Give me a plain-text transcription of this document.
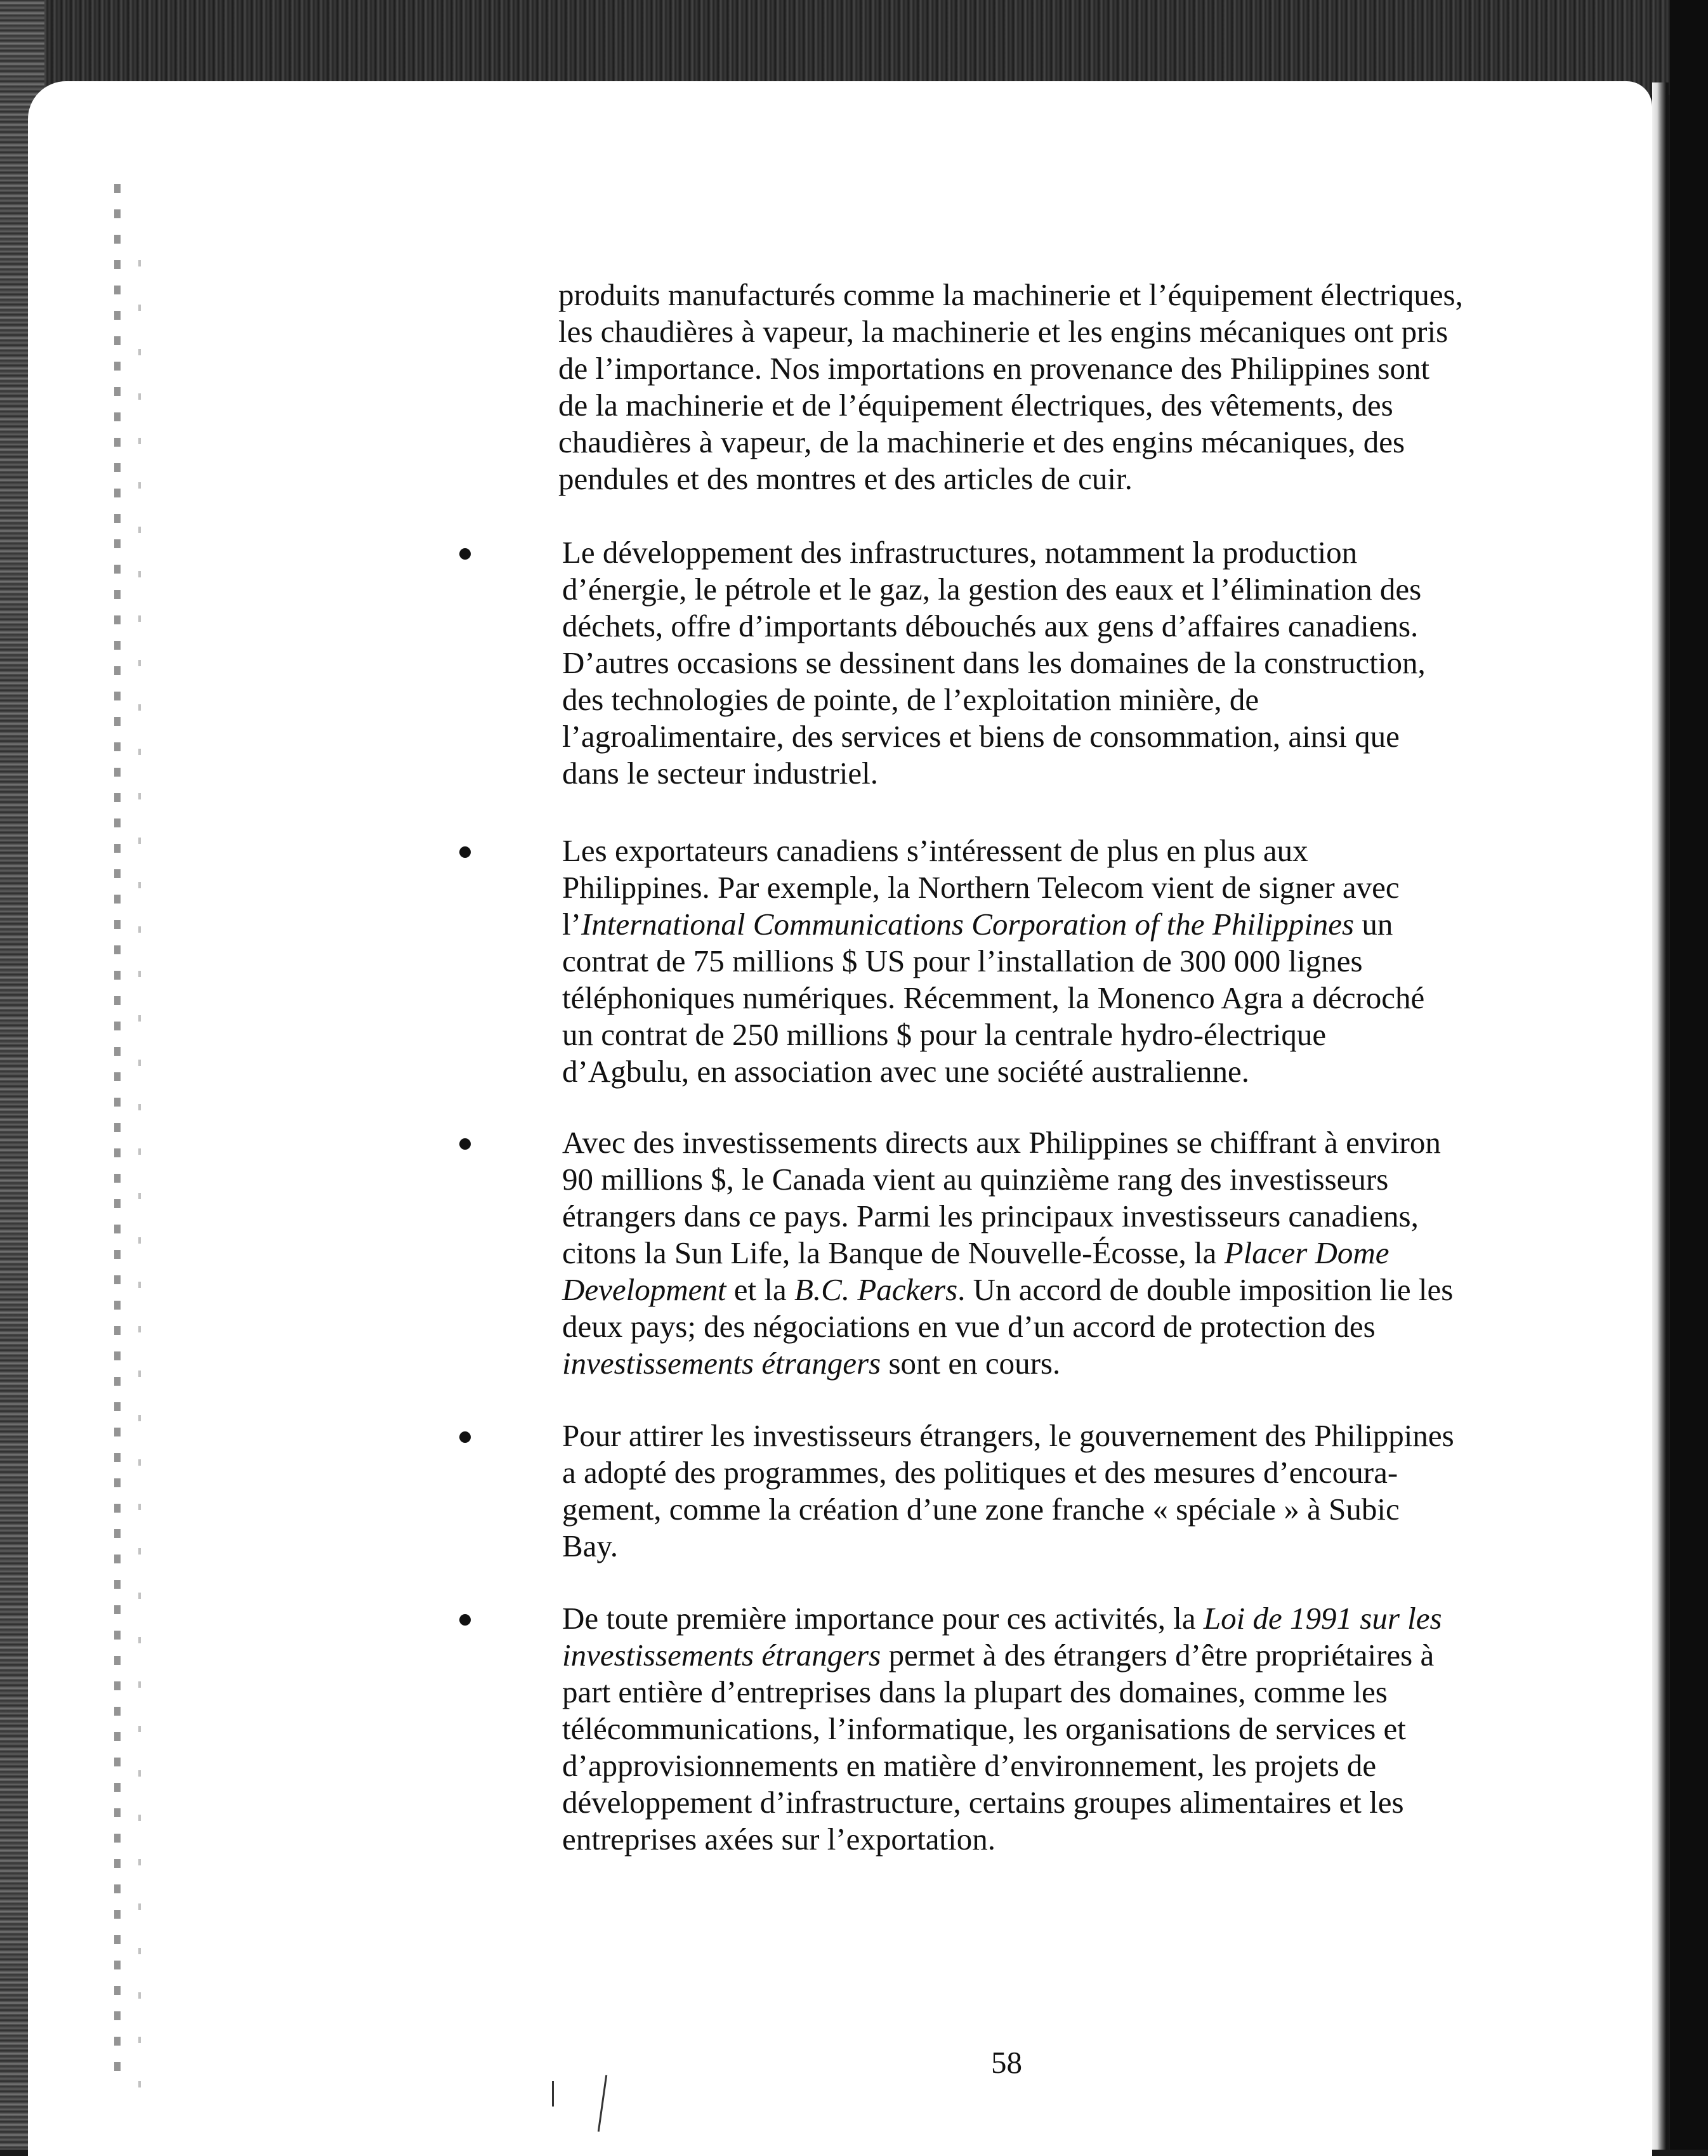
produits manufacturés comme la machinerie et l’équipement électriques,
les chaudières à vapeur, la machinerie et les engins mécaniques ont pris
de l’importance. Nos importations en provenance des Philippines sont
de la machinerie et de l’équipement électriques, des vêtements, des
chaudières à vapeur, de la machinerie et des engins mécaniques, des
pendules et des montres et des articles de cuir.

Le développement des infrastructures, notamment la production
d’énergie, le pétrole et le gaz, la gestion des eaux et l’élimination des
déchets, offre d’importants débouchés aux gens d’affaires canadiens.
D’autres occasions se dessinent dans les domaines de la construction,
des technologies de pointe, de l’exploitation minière, de
l’agroalimentaire, des services et biens de consommation, ainsi que
dans le secteur industriel.
Les exportateurs canadiens s’intéressent de plus en plus aux
Philippines. Par exemple, la Northern Telecom vient de signer avec
l’International Communications Corporation of the Philippines un
contrat de 75 millions $ US pour l’installation de 300 000 lignes
téléphoniques numériques. Récemment, la Monenco Agra a décroché
un contrat de 250 millions $ pour la centrale hydro-électrique
d’Agbulu, en association avec une société australienne.
Avec des investissements directs aux Philippines se chiffrant à environ
90 millions $, le Canada vient au quinzième rang des investisseurs
étrangers dans ce pays. Parmi les principaux investisseurs canadiens,
citons la Sun Life, la Banque de Nouvelle-Écosse, la Placer Dome
Development et la B.C. Packers. Un accord de double imposition lie les
deux pays; des négociations en vue d’un accord de protection des
investissements étrangers sont en cours.
Pour attirer les investisseurs étrangers, le gouvernement des Philippines
a adopté des programmes, des politiques et des mesures d’encoura-
gement, comme la création d’une zone franche « spéciale » à Subic
Bay.
De toute première importance pour ces activités, la Loi de 1991 sur les
investissements étrangers permet à des étrangers d’être propriétaires à
part entière d’entreprises dans la plupart des domaines, comme les
télécommunications, l’informatique, les organisations de services et
d’approvisionnements en matière d’environnement, les projets de
développement d’infrastructure, certains groupes alimentaires et les
entreprises axées sur l’exportation.
58
